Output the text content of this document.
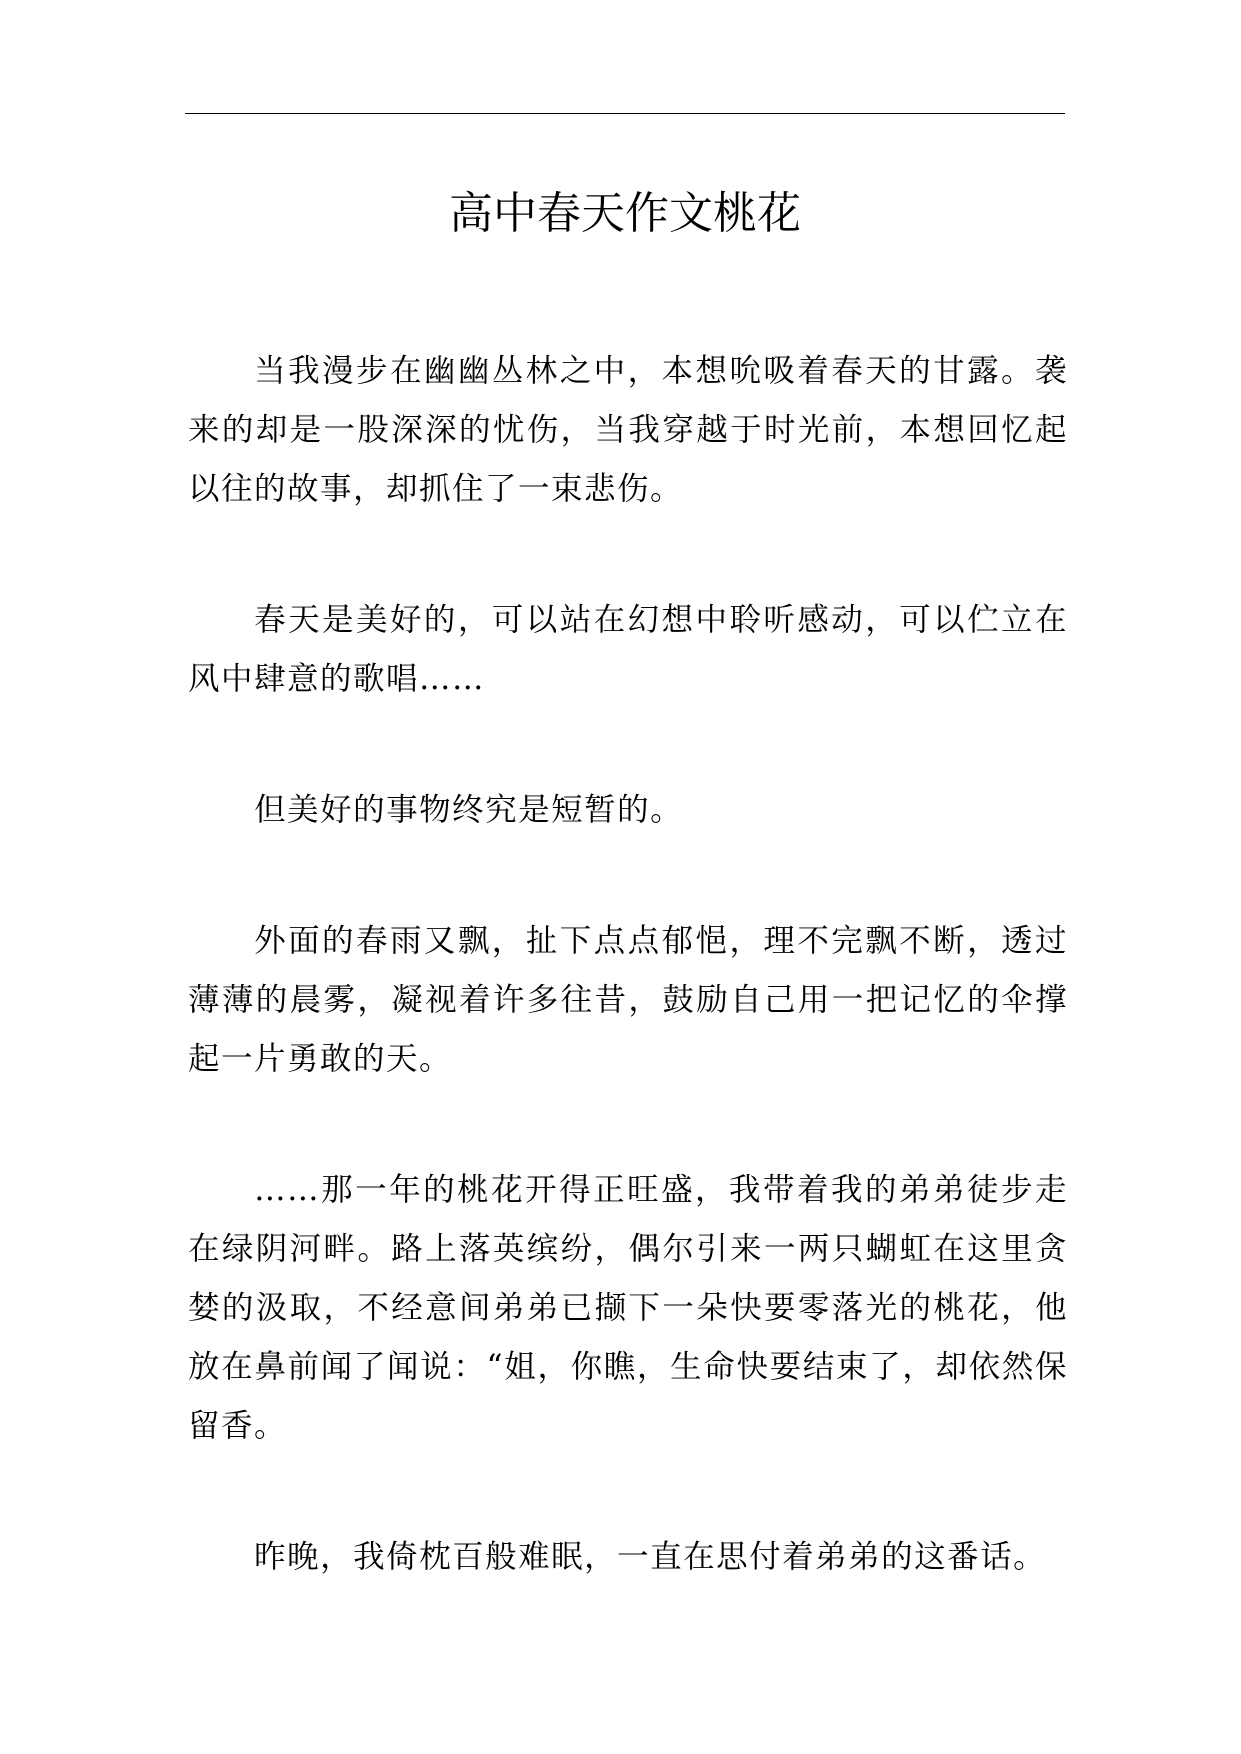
高中春天作文桃花

当我漫步在幽幽丛林之中，本想吮吸着春天的甘露。袭来的却是一股深深的忧伤，当我穿越于时光前，本想回忆起以往的故事，却抓住了一束悲伤。

春天是美好的，可以站在幻想中聆听感动，可以伫立在风中肆意的歌唱……

但美好的事物终究是短暂的。

外面的春雨又飘，扯下点点郁悒，理不完飘不断，透过薄薄的晨雾，凝视着许多往昔，鼓励自己用一把记忆的伞撑起一片勇敢的天。

……那一年的桃花开得正旺盛，我带着我的弟弟徒步走在绿阴河畔。路上落英缤纷，偶尔引来一两只蝴虹在这里贪婪的汲取，不经意间弟弟已撷下一朵快要零落光的桃花，他放在鼻前闻了闻说：“姐，你瞧，生命快要结束了，却依然保留香。

昨晚，我倚枕百般难眠，一直在思付着弟弟的这番话。
